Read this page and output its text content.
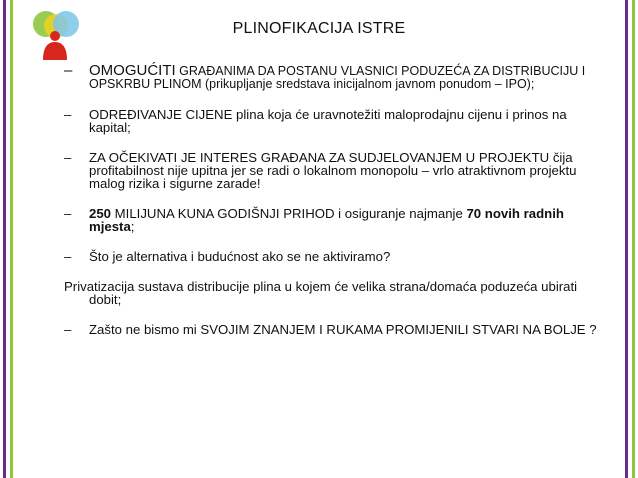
PLINOFIKACIJA ISTRE
– OMOGUĆITI GRAĐANIMA DA POSTANU VLASNICI PODUZEĆA ZA DISTRIBUCIJU I OPSKRBU PLINOM (prikupljanje sredstava inicijalnom javnom ponudom – IPO);
– ODREĐIVANJE CIJENE plina koja će uravnotežiti maloprodajnu cijenu i prinos na kapital;
– ZA OČEKIVATI JE INTERES GRAĐANA ZA SUDJELOVANJEM U PROJEKTU čija profitabilnost nije upitna jer se radi o lokalnom monopolu – vrlo atraktivnom projektu malog rizika i sigurne zarade!
– 250 MILIJUNA KUNA GODIŠNJI PRIHOD i osiguranje najmanje 70 novih radnih mjesta;
– Što je alternativa i budućnost ako se ne aktiviramo?
Privatizacija sustava distribucije plina u kojem će velika strana/domaća poduzeća ubirati dobit;
– Zašto ne bismo mi SVOJIM ZNANJEM I RUKAMA PROMIJENILI STVARI NA BOLJE ?
